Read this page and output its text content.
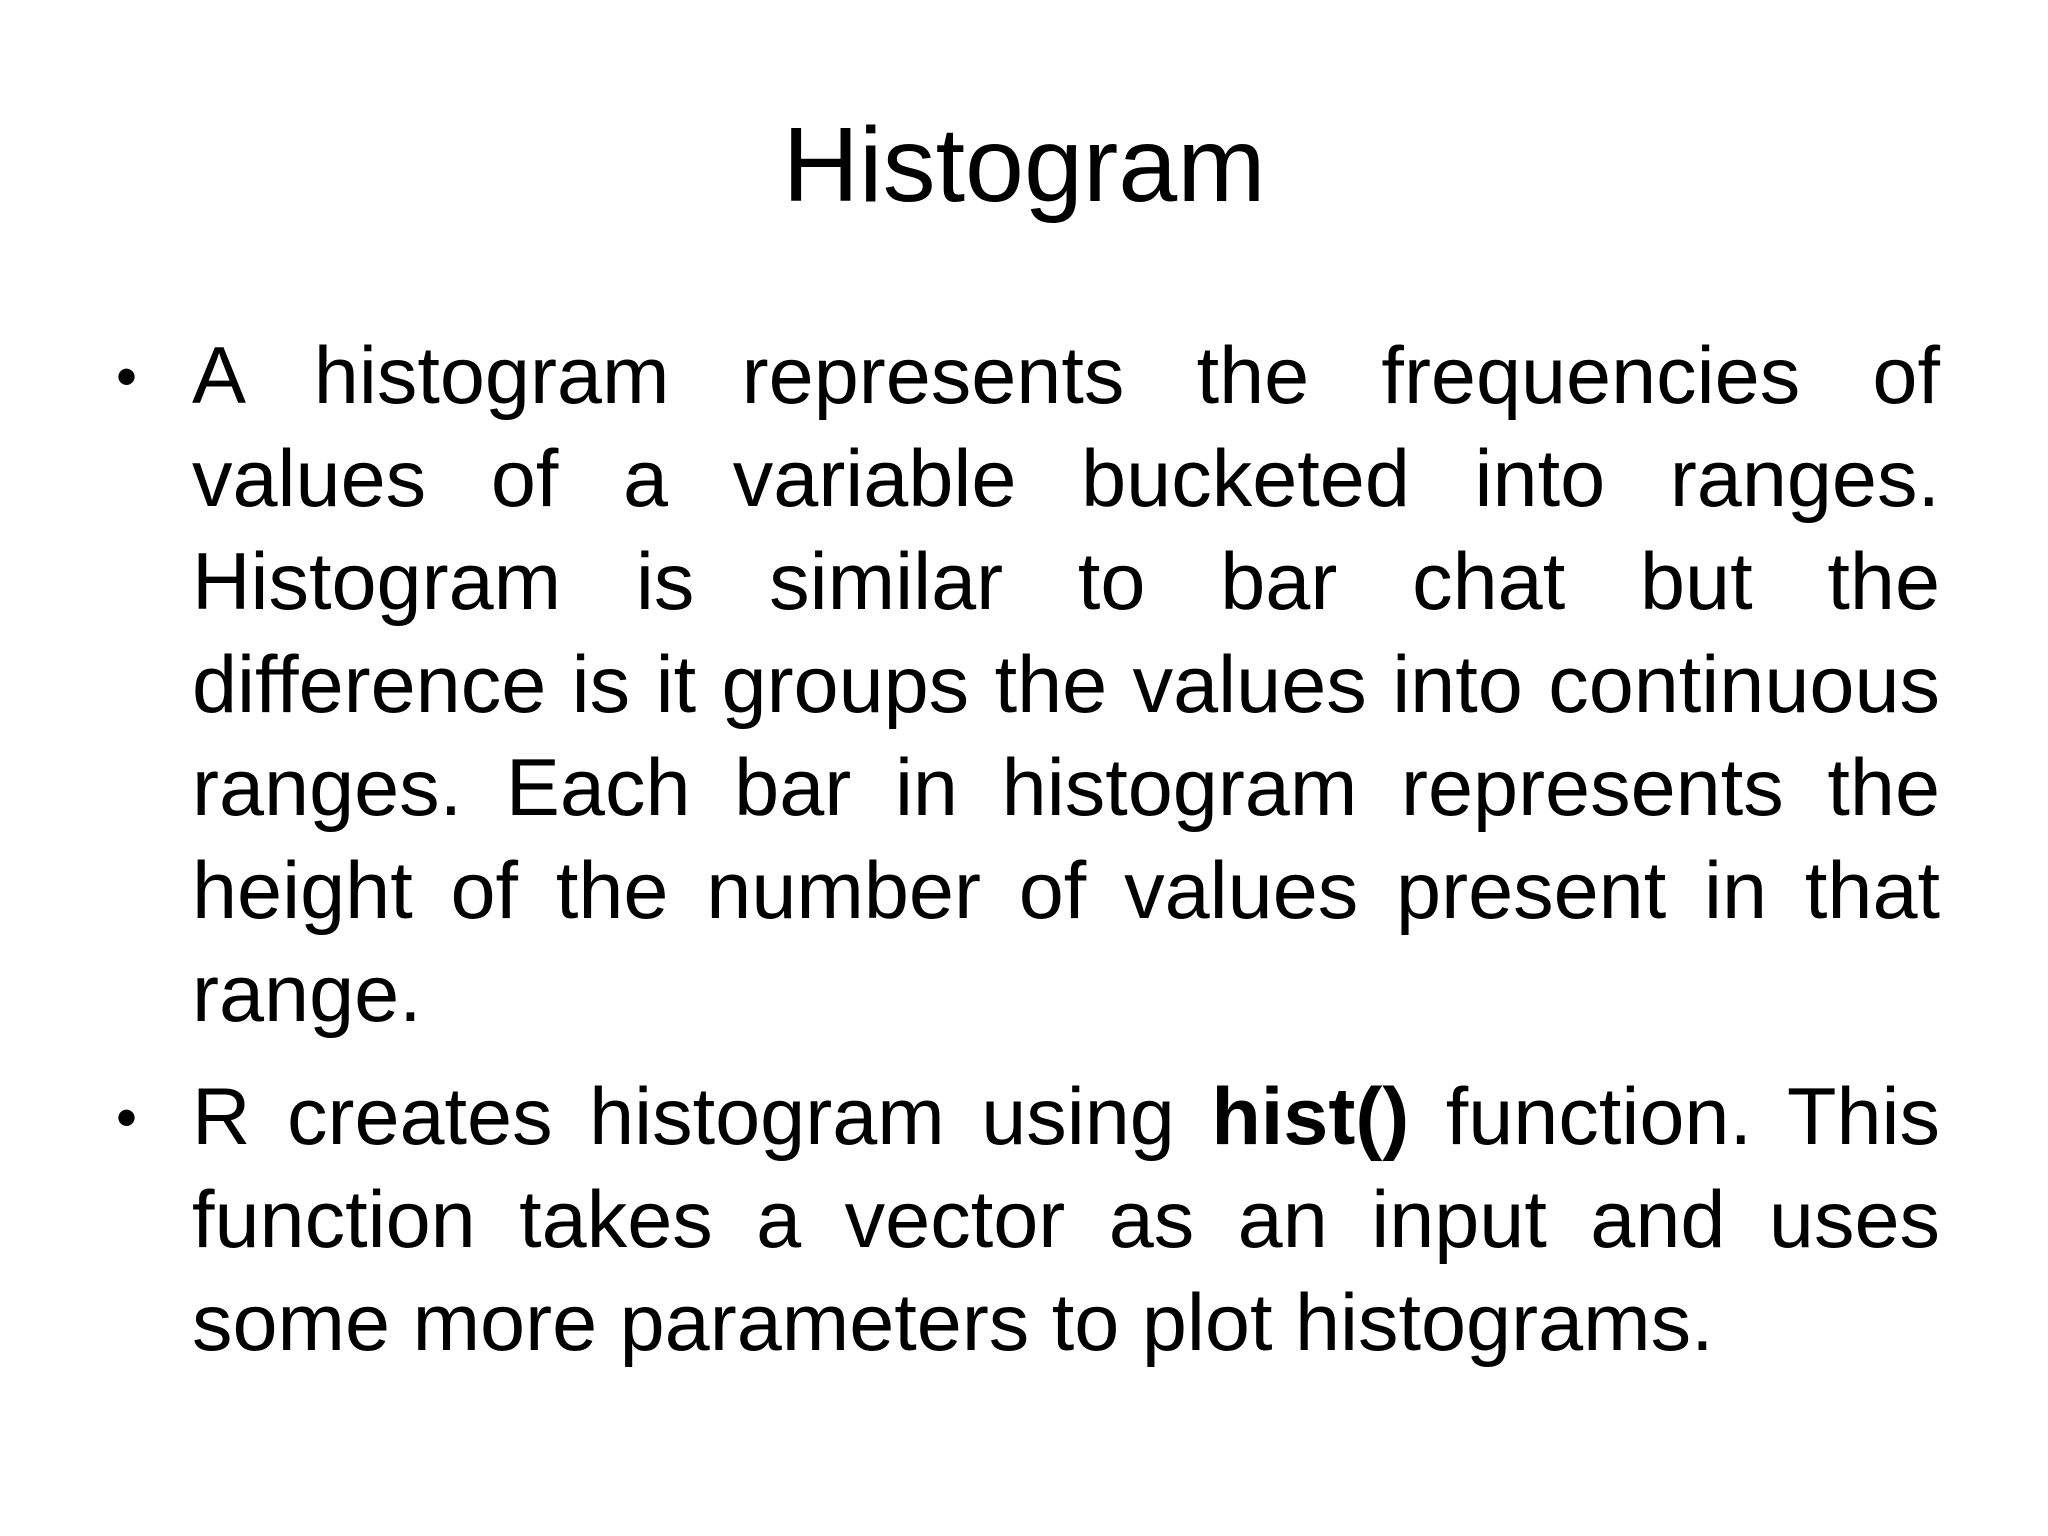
Histogram
• A histogram represents the frequencies of values of a variable bucketed into ranges. Histogram is similar to bar chat but the difference is it groups the values into continuous ranges. Each bar in histogram represents the height of the number of values present in that range.
• R creates histogram using hist() function. This function takes a vector as an input and uses some more parameters to plot histograms.
